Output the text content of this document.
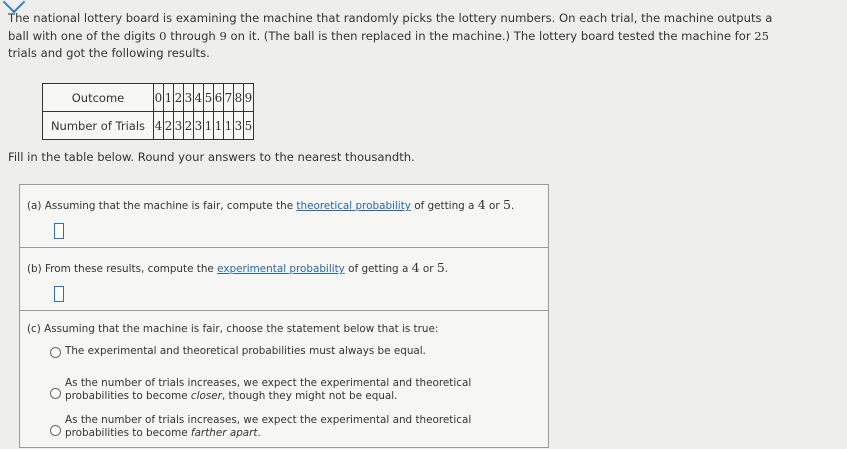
The national lottery board is examining the machine that randomly picks the lottery numbers. On each trial, the machine outputs a
ball with one of the digits 0 through 9 on it. (The ball is then replaced in the machine.) The lottery board tested the machine for 25
trials and got the following results.
Outcome	0	1	2	3	4	5	6	7	8	9
Number of Trials	4	2	3	2	3	1	1	1	3	5
Fill in the table below. Round your answers to the nearest thousandth.
(a) Assuming that the machine is fair, compute the theoretical probability of getting a 4 or 5.
(b) From these results, compute the experimental probability of getting a 4 or 5.
(c) Assuming that the machine is fair, choose the statement below that is true:
The experimental and theoretical probabilities must always be equal.
As the number of trials increases, we expect the experimental and theoretical
probabilities to become closer, though they might not be equal.
As the number of trials increases, we expect the experimental and theoretical
probabilities to become farther apart.
